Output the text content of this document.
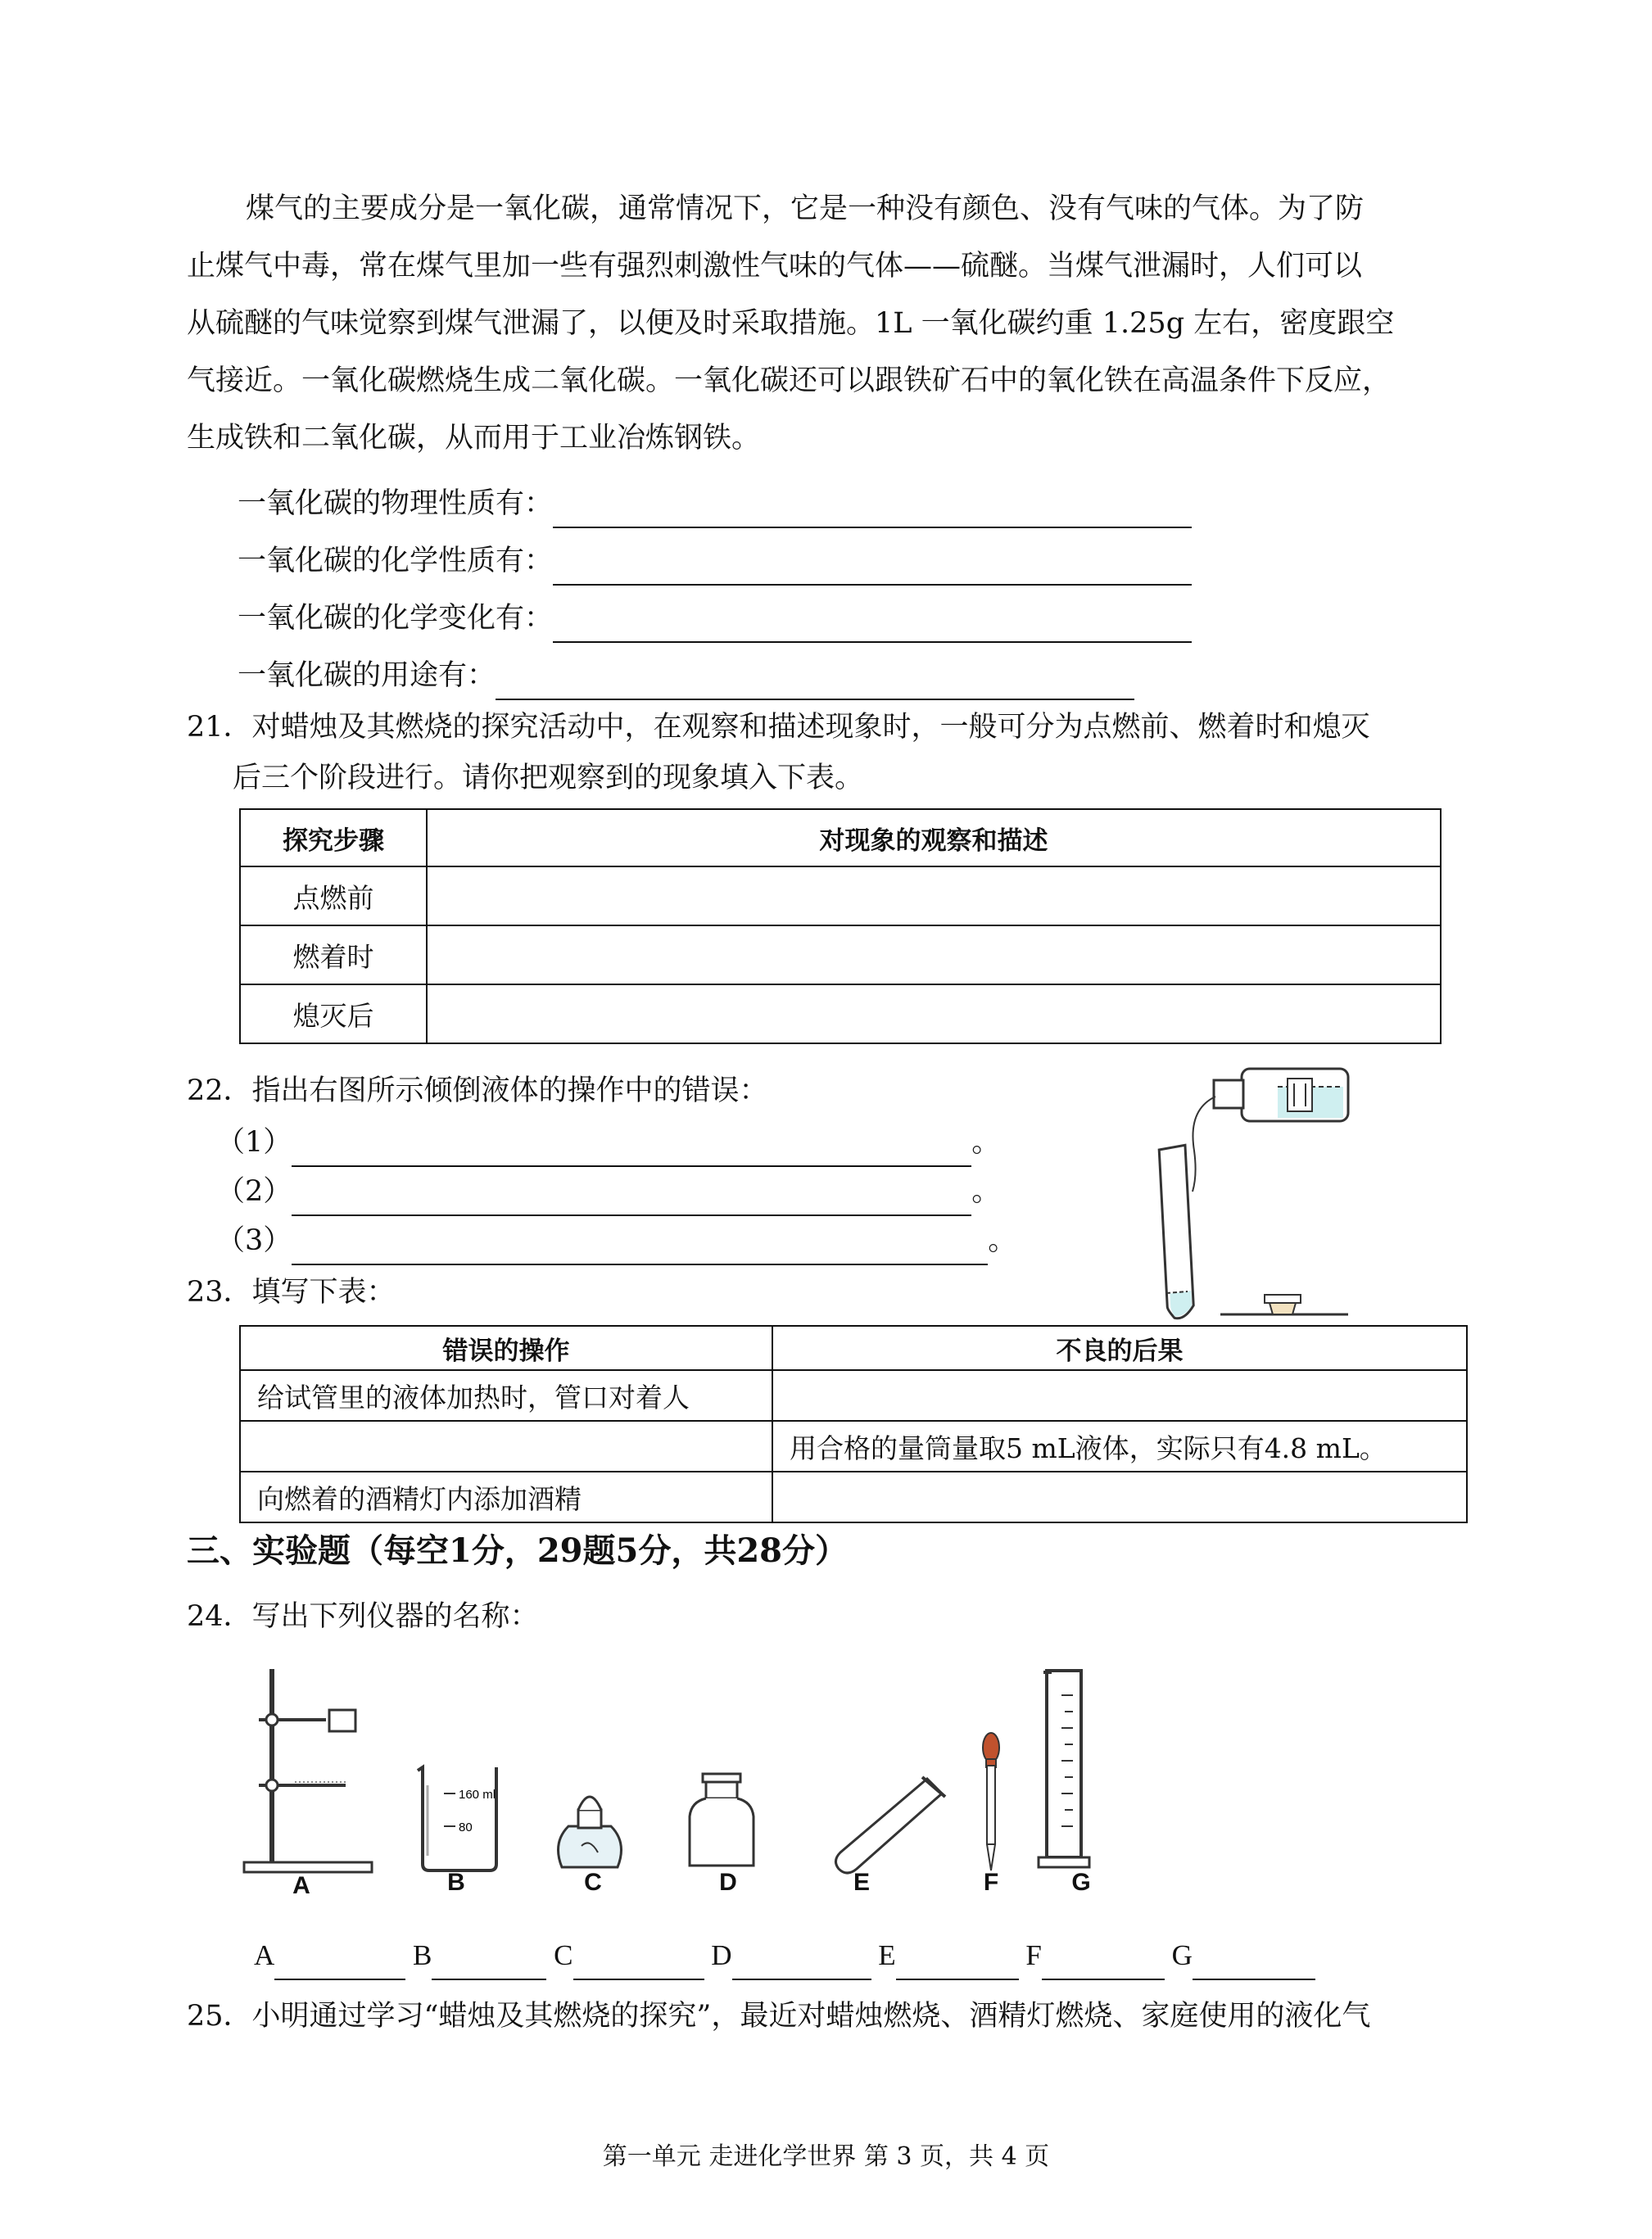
煤气的主要成分是一氧化碳，通常情况下，它是一种没有颜色、没有气味的气体。为了防
止煤气中毒，常在煤气里加一些有强烈刺激性气味的气体——硫醚。当煤气泄漏时，人们可以
从硫醚的气味觉察到煤气泄漏了，以便及时采取措施。1L 一氧化碳约重 1.25g 左右，密度跟空
气接近。一氧化碳燃烧生成二氧化碳。一氧化碳还可以跟铁矿石中的氧化铁在高温条件下反应，
生成铁和二氧化碳，从而用于工业冶炼钢铁。
一氧化碳的物理性质有：
一氧化碳的化学性质有：
一氧化碳的化学变化有：
一氧化碳的用途有：
21．对蜡烛及其燃烧的探究活动中，在观察和描述现象时，一般可分为点燃前、燃着时和熄灭
后三个阶段进行。请你把观察到的现象填入下表。
探究步骤	对现象的观察和描述
点燃前	
燃着时	
熄灭后	
22．指出右图所示倾倒液体的操作中的错误：
（1）	。
（2）	。
（3）	。
23．填写下表：
错误的操作	不良的后果
给试管里的液体加热时，管口对着人	
	用合格的量筒量取5 mL液体，实际只有4.8 mL。
向燃着的酒精灯内添加酒精	
三、实验题（每空1分，29题5分，共28分）
24．写出下列仪器的名称：
160 ml
80
A	B	C	D	E	F	G
A	B	C	D	E	F	G
25．小明通过学习“蜡烛及其燃烧的探究”，最近对蜡烛燃烧、酒精灯燃烧、家庭使用的液化气
第一单元 走进化学世界 第 3 页，共 4 页
